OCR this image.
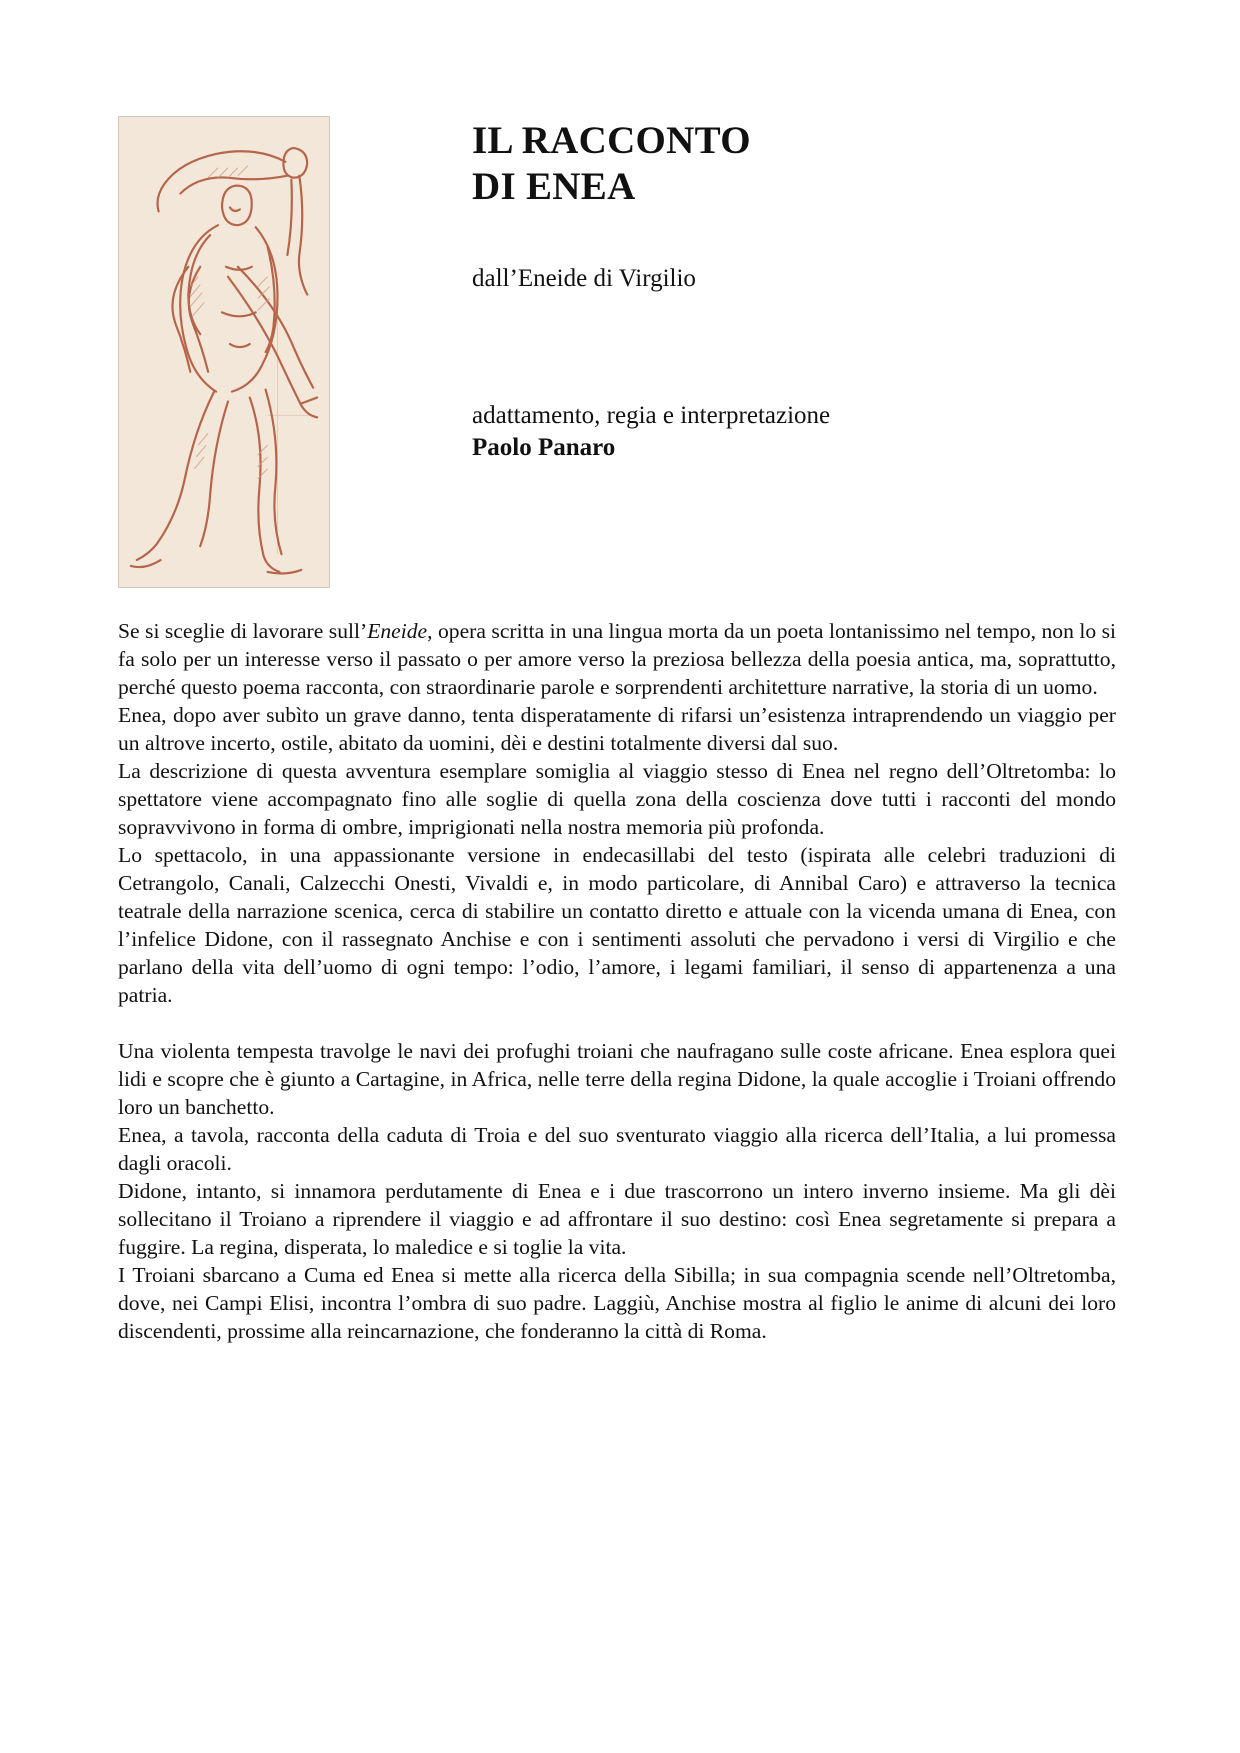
IL RACCONTO
DI ENEA
dall’Eneide di Virgilio
adattamento, regia e interpretazione
Paolo Panaro

Se si sceglie di lavorare sull’Eneide, opera scritta in una lingua morta da un poeta lontanissimo nel tempo, non lo si fa solo per un interesse verso il passato o per amore verso la preziosa bellezza della poesia antica, ma, soprattutto, perché questo poema racconta, con straordinarie parole e sorprendenti architetture narrative, la storia di un uomo.

Enea, dopo aver subìto un grave danno, tenta disperatamente di rifarsi un’esistenza intraprendendo un viaggio per un altrove incerto, ostile, abitato da uomini, dèi e destini totalmente diversi dal suo.

La descrizione di questa avventura esemplare somiglia al viaggio stesso di Enea nel regno dell’Oltretomba: lo spettatore viene accompagnato fino alle soglie di quella zona della coscienza dove tutti i racconti del mondo sopravvivono in forma di ombre, imprigionati nella nostra memoria più profonda.

Lo spettacolo, in una appassionante versione in endecasillabi del testo (ispirata alle celebri traduzioni di Cetrangolo, Canali, Calzecchi Onesti, Vivaldi e, in modo particolare, di Annibal Caro) e attraverso la tecnica teatrale della narrazione scenica, cerca di stabilire un contatto diretto e attuale con la vicenda umana di Enea, con l’infelice Didone, con il rassegnato Anchise e con i sentimenti assoluti che pervadono i versi di Virgilio e che parlano della vita dell’uomo di ogni tempo: l’odio, l’amore, i legami familiari, il senso di appartenenza a una patria.

Una violenta tempesta travolge le navi dei profughi troiani che naufragano sulle coste africane. Enea esplora quei lidi e scopre che è giunto a Cartagine, in Africa, nelle terre della regina Didone, la quale accoglie i Troiani offrendo loro un banchetto.

Enea, a tavola, racconta della caduta di Troia e del suo sventurato viaggio alla ricerca dell’Italia, a lui promessa dagli oracoli.

Didone, intanto, si innamora perdutamente di Enea e i due trascorrono un intero inverno insieme. Ma gli dèi sollecitano il Troiano a riprendere il viaggio e ad affrontare il suo destino: così Enea segretamente si prepara a fuggire. La regina, disperata, lo maledice e si toglie la vita.

I Troiani sbarcano a Cuma ed Enea si mette alla ricerca della Sibilla; in sua compagnia scende nell’Oltretomba, dove, nei Campi Elisi, incontra l’ombra di suo padre. Laggiù, Anchise mostra al figlio le anime di alcuni dei loro discendenti, prossime alla reincarnazione, che fonderanno la città di Roma.
